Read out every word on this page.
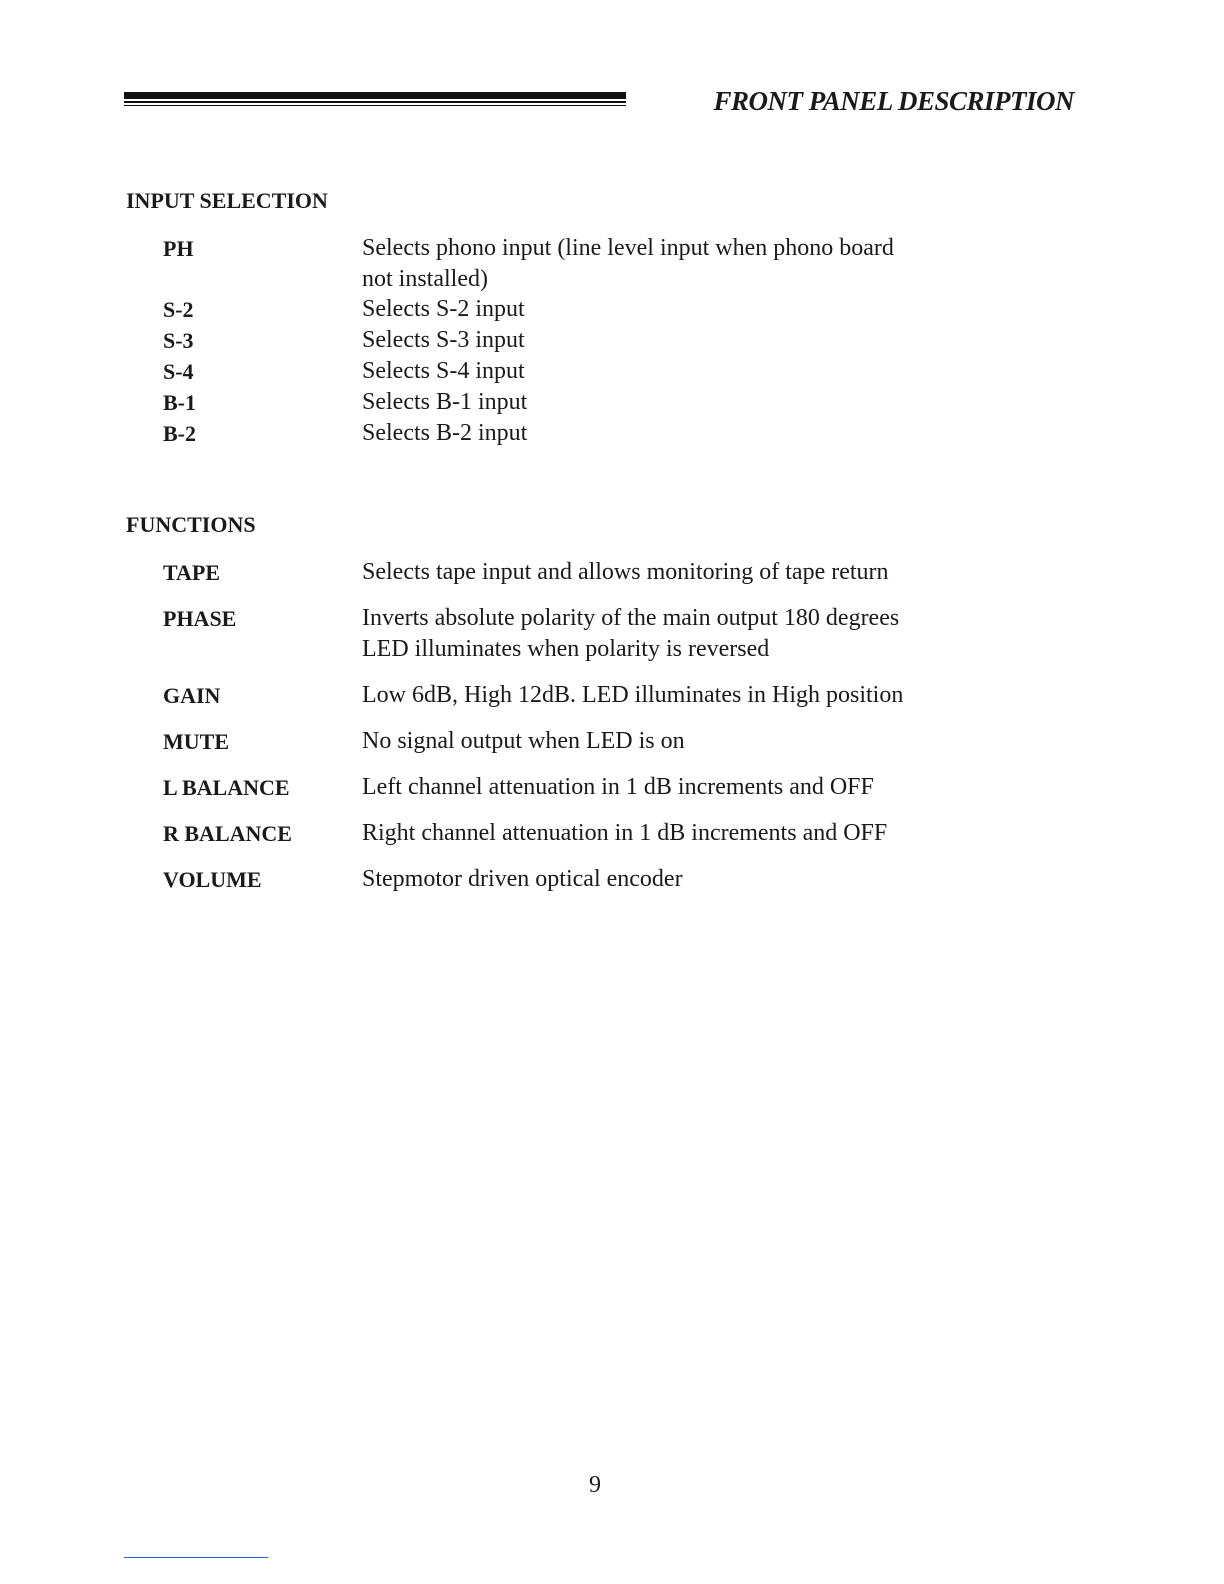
FRONT PANEL DESCRIPTION
INPUT SELECTION
PH	Selects phono input (line level input when phono board
not installed)
S-2	Selects S-2 input
S-3	Selects S-3 input
S-4	Selects S-4 input
B-1	Selects B-1 input
B-2	Selects B-2 input
FUNCTIONS
TAPE	Selects tape input and allows monitoring of tape return
PHASE	Inverts absolute polarity of the main output 180 degrees
LED illuminates when polarity is reversed
GAIN	Low 6dB, High 12dB. LED illuminates in High position
MUTE	No signal output when LED is on
L BALANCE	Left channel attenuation in 1 dB increments and OFF
R BALANCE	Right channel attenuation in 1 dB increments and OFF
VOLUME	Stepmotor driven optical encoder
9
